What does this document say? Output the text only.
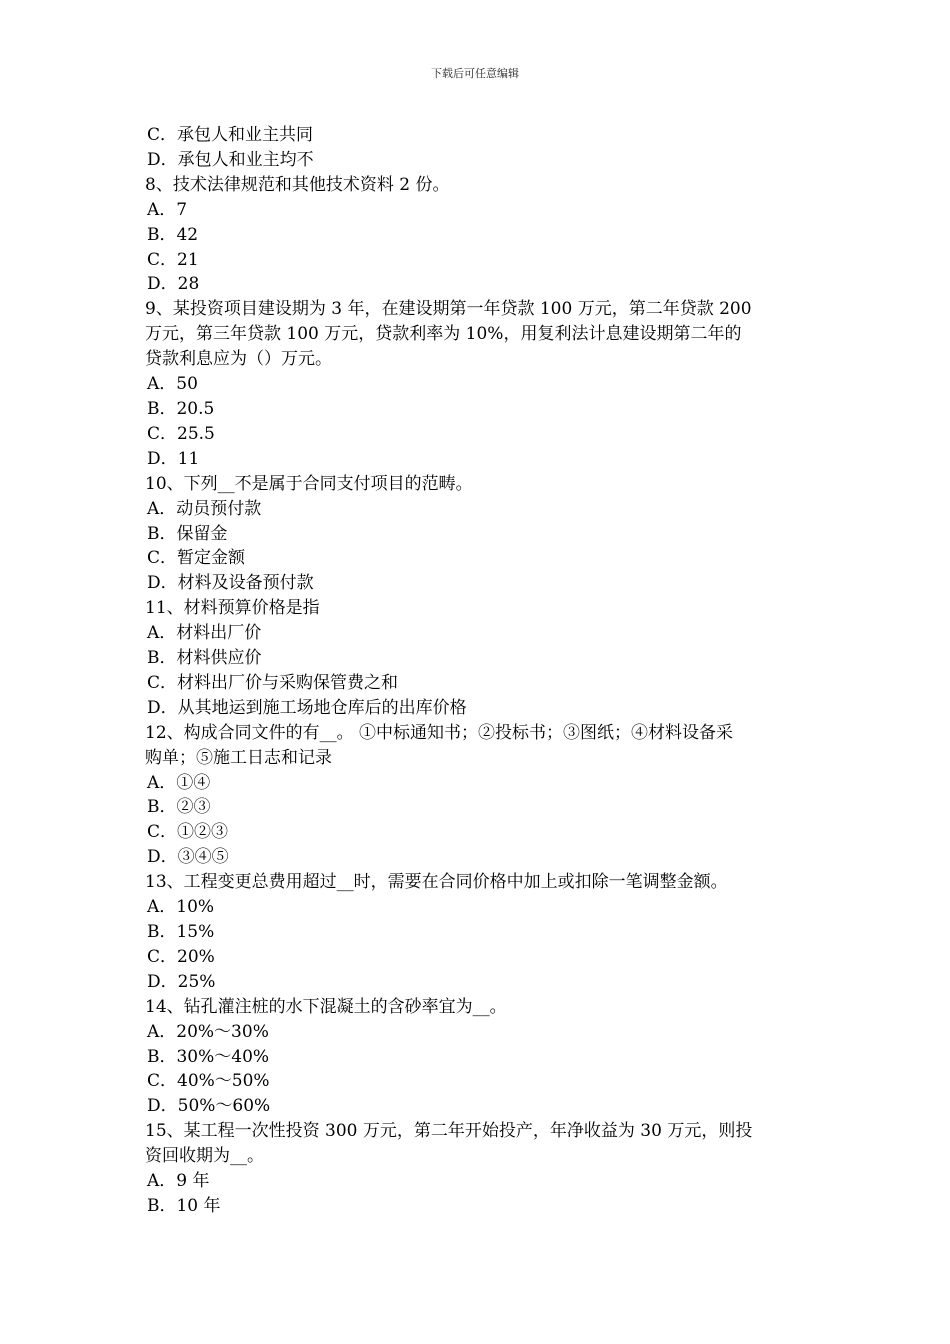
下载后可任意编辑
C．承包人和业主共同
D．承包人和业主均不
8、技术法律规范和其他技术资料 2 份。
A．7
B．42
C．21
D．28
9、某投资项目建设期为 3 年，在建设期第一年贷款 100 万元，第二年贷款 200
万元，第三年贷款 100 万元，贷款利率为 10%，用复利法计息建设期第二年的
贷款利息应为（）万元。
A．50
B．20.5
C．25.5
D．11
10、下列__不是属于合同支付项目的范畴。
A．动员预付款
B．保留金
C．暂定金额
D．材料及设备预付款
11、材料预算价格是指
A．材料出厂价
B．材料供应价
C．材料出厂价与采购保管费之和
D．从其地运到施工场地仓库后的出库价格
12、构成合同文件的有__。 ①中标通知书；②投标书；③图纸；④材料设备采
购单；⑤施工日志和记录
A．①④
B．②③
C．①②③
D．③④⑤
13、工程变更总费用超过__时，需要在合同价格中加上或扣除一笔调整金额。
A．10%
B．15%
C．20%
D．25%
14、钻孔灌注桩的水下混凝土的含砂率宜为__。
A．20%～30%
B．30%～40%
C．40%～50%
D．50%～60%
15、某工程一次性投资 300 万元，第二年开始投产，年净收益为 30 万元，则投
资回收期为__。
A．9 年
B．10 年
